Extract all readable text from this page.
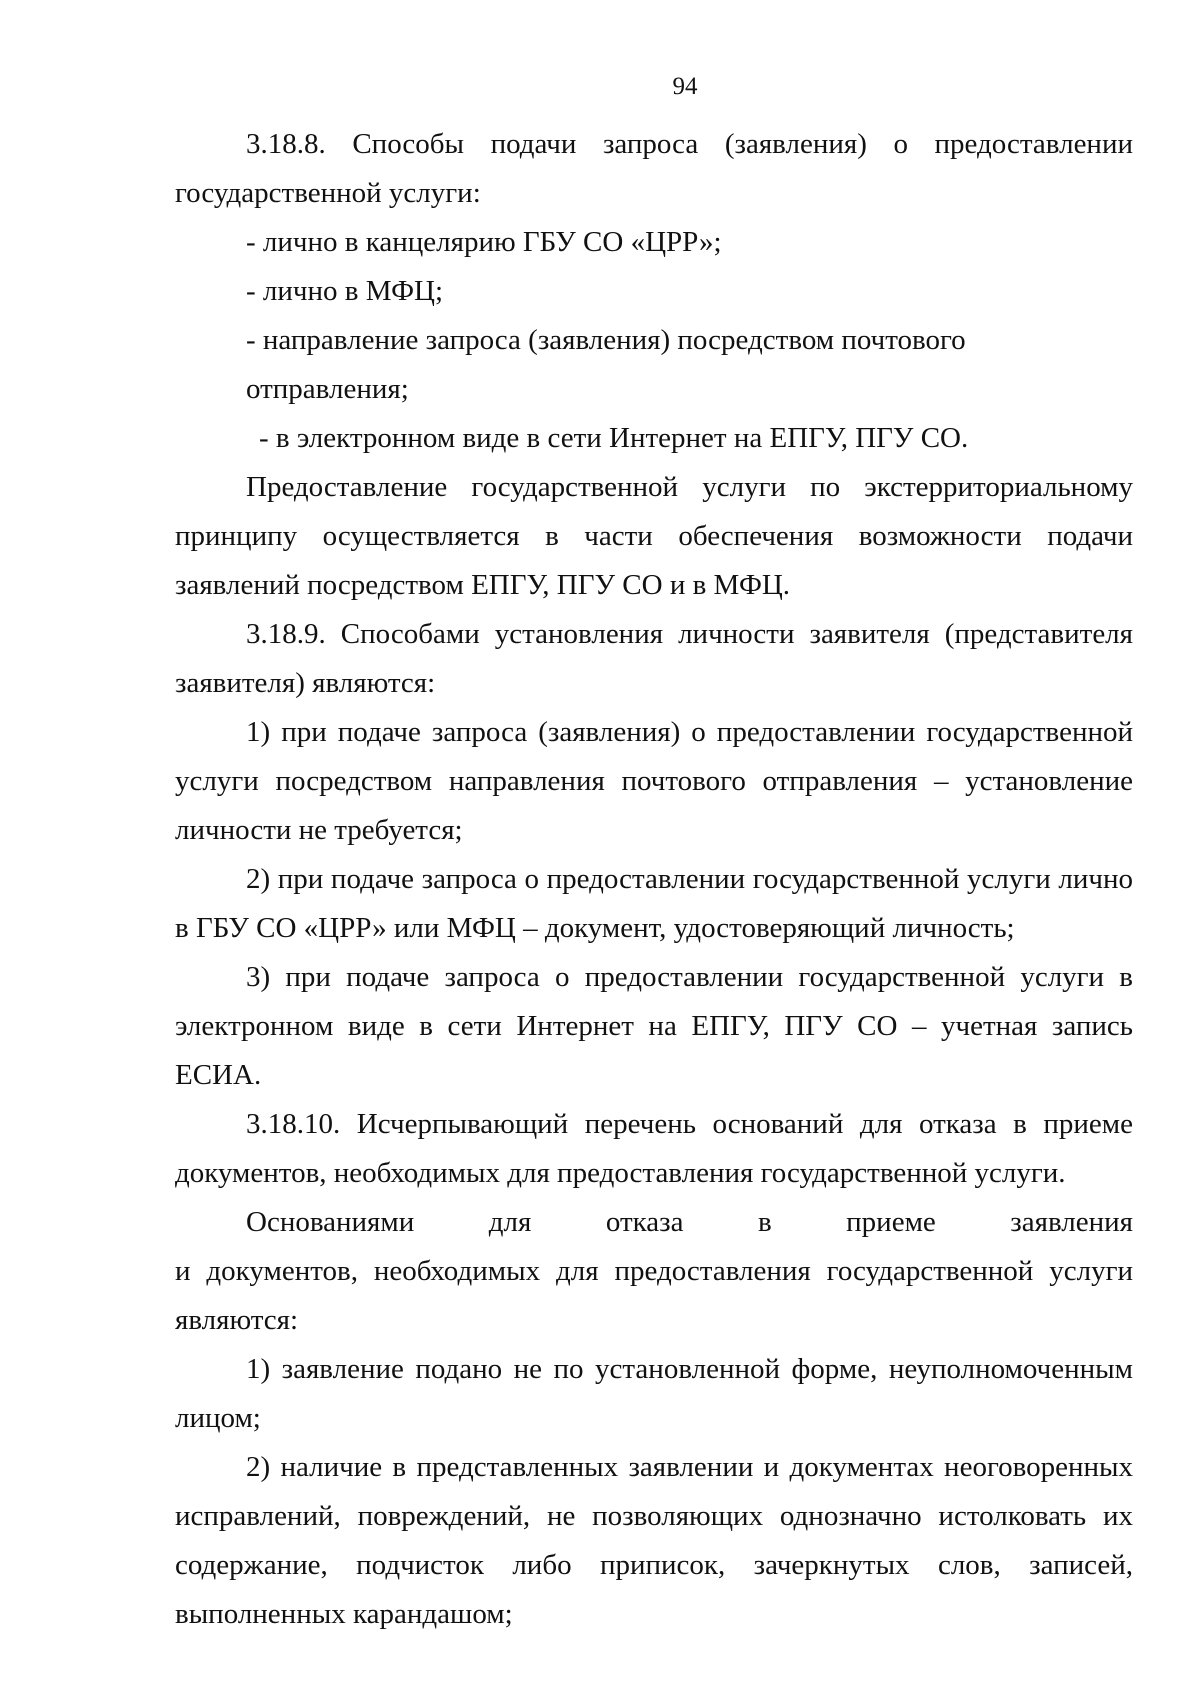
94

3.18.8. Способы подачи запроса (заявления) о предоставлении государственной услуги:

- лично в канцелярию ГБУ СО «ЦРР»;

- лично в МФЦ;

- направление запроса (заявления) посредством почтового отправления;

- в электронном виде в сети Интернет на ЕПГУ, ПГУ СО.

Предоставление государственной услуги по экстерриториальному принципу осуществляется в части обеспечения возможности подачи заявлений посредством ЕПГУ, ПГУ СО и в МФЦ.

3.18.9. Способами установления личности заявителя (представителя заявителя) являются:

1) при подаче запроса (заявления) о предоставлении государственной услуги посредством направления почтового отправления – установление личности не требуется;

2) при подаче запроса о предоставлении государственной услуги лично в ГБУ СО «ЦРР» или МФЦ – документ, удостоверяющий личность;

3) при подаче запроса о предоставлении государственной услуги в электронном виде в сети Интернет на ЕПГУ, ПГУ СО – учетная запись ЕСИА.

3.18.10. Исчерпывающий перечень оснований для отказа в приеме документов, необходимых для предоставления государственной услуги.

Основаниями для отказа в приеме заявления

и документов, необходимых для предоставления государственной услуги являются:

1) заявление подано не по установленной форме, неуполномоченным лицом;

2) наличие в представленных заявлении и документах неоговоренных исправлений, повреждений, не позволяющих однозначно истолковать их содержание, подчисток либо приписок, зачеркнутых слов, записей, выполненных карандашом;
